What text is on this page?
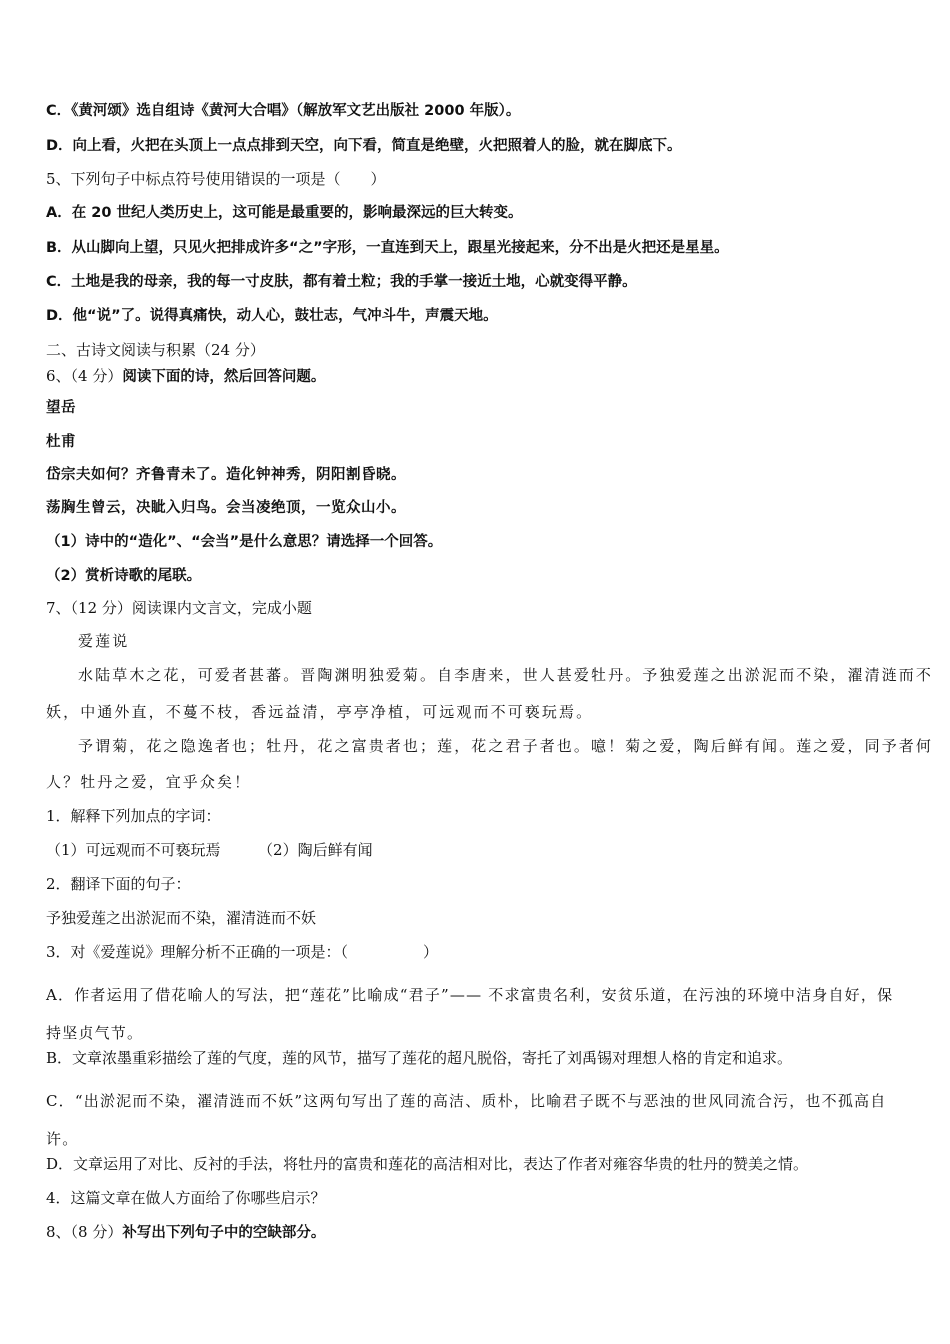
C．《黄河颂》选自组诗《黄河大合唱》（解放军文艺出版社 2000 年版）。
D．向上看，火把在头顶上一点点排到天空，向下看，简直是绝壁，火把照着人的脸，就在脚底下。
5、下列句子中标点符号使用错误的一项是（　　）
A．在 20 世纪人类历史上，这可能是最重要的，影响最深远的巨大转变。
B．从山脚向上望，只见火把排成许多“之”字形，一直连到天上，跟星光接起来，分不出是火把还是星星。
C．土地是我的母亲，我的每一寸皮肤，都有着土粒；我的手掌一接近土地，心就变得平静。
D．他“说”了。说得真痛快，动人心，鼓壮志，气冲斗牛，声震天地。
二、古诗文阅读与积累（24 分）
6、（4 分）阅读下面的诗，然后回答问题。
望岳
杜甫
岱宗夫如何？齐鲁青未了。造化钟神秀，阴阳割昏晓。
荡胸生曾云，决眦入归鸟。会当凌绝顶，一览众山小。
（1）诗中的“造化”、“会当”是什么意思？请选择一个回答。
（2）赏析诗歌的尾联。
7、（12 分）阅读课内文言文，完成小题
爱莲说
水陆草木之花，可爱者甚蕃。晋陶渊明独爱菊。自李唐来，世人甚爱牡丹。予独爱莲之出淤泥而不染，濯清涟而不
妖，中通外直，不蔓不枝，香远益清，亭亭净植，可远观而不可亵玩焉。
予谓菊，花之隐逸者也；牡丹，花之富贵者也；莲，花之君子者也。噫！菊之爱，陶后鲜有闻。莲之爱，同予者何
人？牡丹之爱，宜乎众矣！
1．解释下列加点的字词：
（1）可远观而不可亵玩焉　　　（2）陶后鲜有闻
2．翻译下面的句子：
予独爱莲之出淤泥而不染，濯清涟而不妖
3．对《爱莲说》理解分析不正确的一项是：（　　　　　）
A．作者运用了借花喻人的写法，把“莲花”比喻成“君子”—— 不求富贵名利，安贫乐道，在污浊的环境中洁身自好，保持坚贞气节。
B．文章浓墨重彩描绘了莲的气度，莲的风节，描写了莲花的超凡脱俗，寄托了刘禹锡对理想人格的肯定和追求。
C．“出淤泥而不染，濯清涟而不妖”这两句写出了莲的高洁、质朴，比喻君子既不与恶浊的世风同流合污，也不孤高自许。
D．文章运用了对比、反衬的手法，将牡丹的富贵和莲花的高洁相对比，表达了作者对雍容华贵的牡丹的赞美之情。
4．这篇文章在做人方面给了你哪些启示？
8、（8 分）补写出下列句子中的空缺部分。
